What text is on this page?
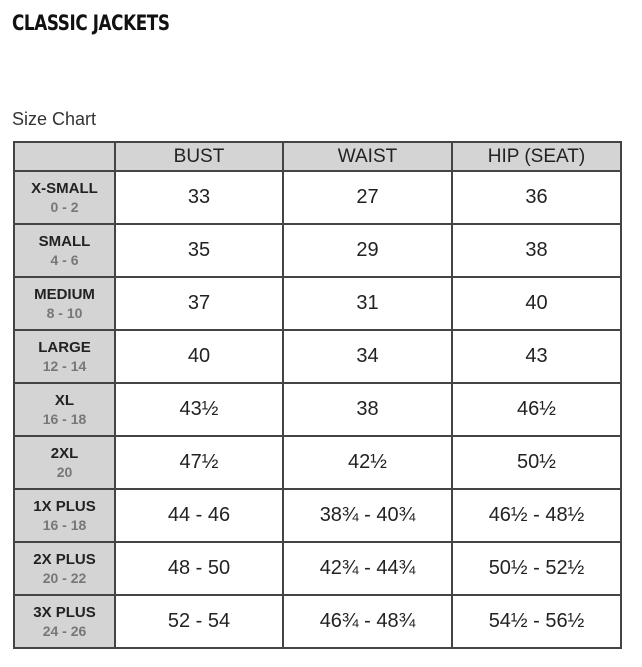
CLASSIC JACKETS
Size Chart
	BUST	WAIST	HIP (SEAT)

X-SMALL
0 - 2	33	27	36

SMALL
4 - 6	35	29	38

MEDIUM
8 - 10	37	31	40

LARGE
12 - 14	40	34	43

XL
16 - 18	43½	38	46½

2XL
20	47½	42½	50½

1X PLUS
16 - 18	44 - 46	38¾ - 40¾	46½ - 48½

2X PLUS
20 - 22	48 - 50	42¾ - 44¾	50½ - 52½

3X PLUS
24 - 26	52 - 54	46¾ - 48¾	54½ - 56½
